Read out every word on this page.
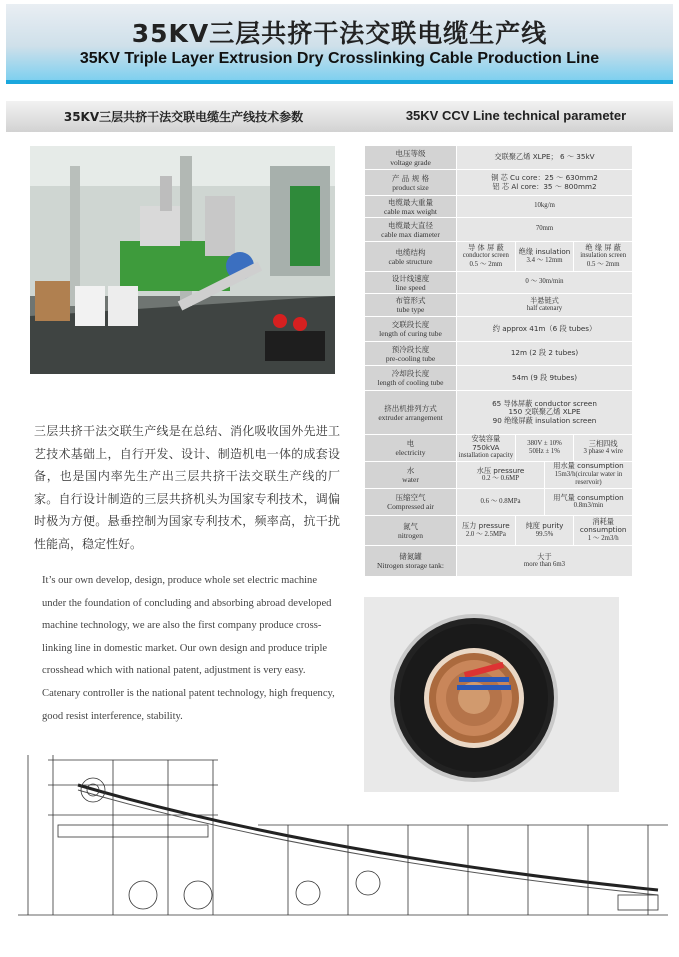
35KV三层共挤干法交联电缆生产线
35KV Triple Layer Extrusion Dry Crosslinking Cable Production Line
35KV三层共挤干法交联电缆生产线技术参数	35KV CCV Line technical parameter
三层共挤干法交联生产线是在总结、消化吸收国外先进工艺技术基础上，自行开发、设计、制造机电一体的成套设备，也是国内率先生产出三层共挤干法交联生产线的厂家。自行设计制造的三层共挤机头为国家专利技术，调偏时极为方便。悬垂控制为国家专利技术，频率高，抗干扰性能高，稳定性好。
It’s our own develop, design, produce whole set electric machine under the foundation of concluding and absorbing abroad developed machine technology, we are also the first company produce cross-linking line in domestic market. Our own design and produce triple crosshead which with national patent, adjustment is very easy. Catenary controller is the national patent technology, high frequency, good resist interference, stability.
电压等级
voltage grade
交联聚乙烯 XLPE； 6 ～ 35kV
产 品 规 格
product size
铜 芯 Cu core：25 ～ 630mm2
铝 芯 Al core：35 ～ 800mm2
电缆最大重量
cable max weight
10kg/m
电缆最大直径
cable max diameter
70mm
电缆结构
cable structure
导 体 屏 蔽
conductor screen
0.5 ～ 2mm
绝缘 insulation
3.4 ～ 12mm
绝 缘 屏 蔽
insulation screen
0.5 ～ 2mm
设计线速度
line speed
0 ～ 30m/min
布管形式
tube type
半悬链式
half catenary
交联段长度
length of curing tube
约 approx 41m（6 段 tubes）
预冷段长度
pre-cooling tube
12m (2 段 2 tubes)
冷却段长度
length of cooling tube
54m (9 段 9tubes)
挤出机排列方式
extruder arrangement
65 导体屏蔽 conductor screen
150 交联聚乙烯 XLPE
90 绝缘屏蔽 insulation screen
电
electricity
安装容量 750kVA
installation capacity
380V ± 10%
50Hz ± 1%
三相四线
3 phase 4 wire
水
water
水压 pressure
0.2 ～ 0.6MP
用水量 consumption
15m3/h(circular water in reservoir)
压缩空气
Compressed air
0.6 ～ 0.8MPa	用气量 consumption
0.8m3/min
氮气
nitrogen
压力 pressure
2.0 ～ 2.5MPa
纯度 purity
99.5%
消耗量 consumption
1 ～ 2m3/h
储氮罐
Nitrogen storage tank:
大于
more than 6m3
